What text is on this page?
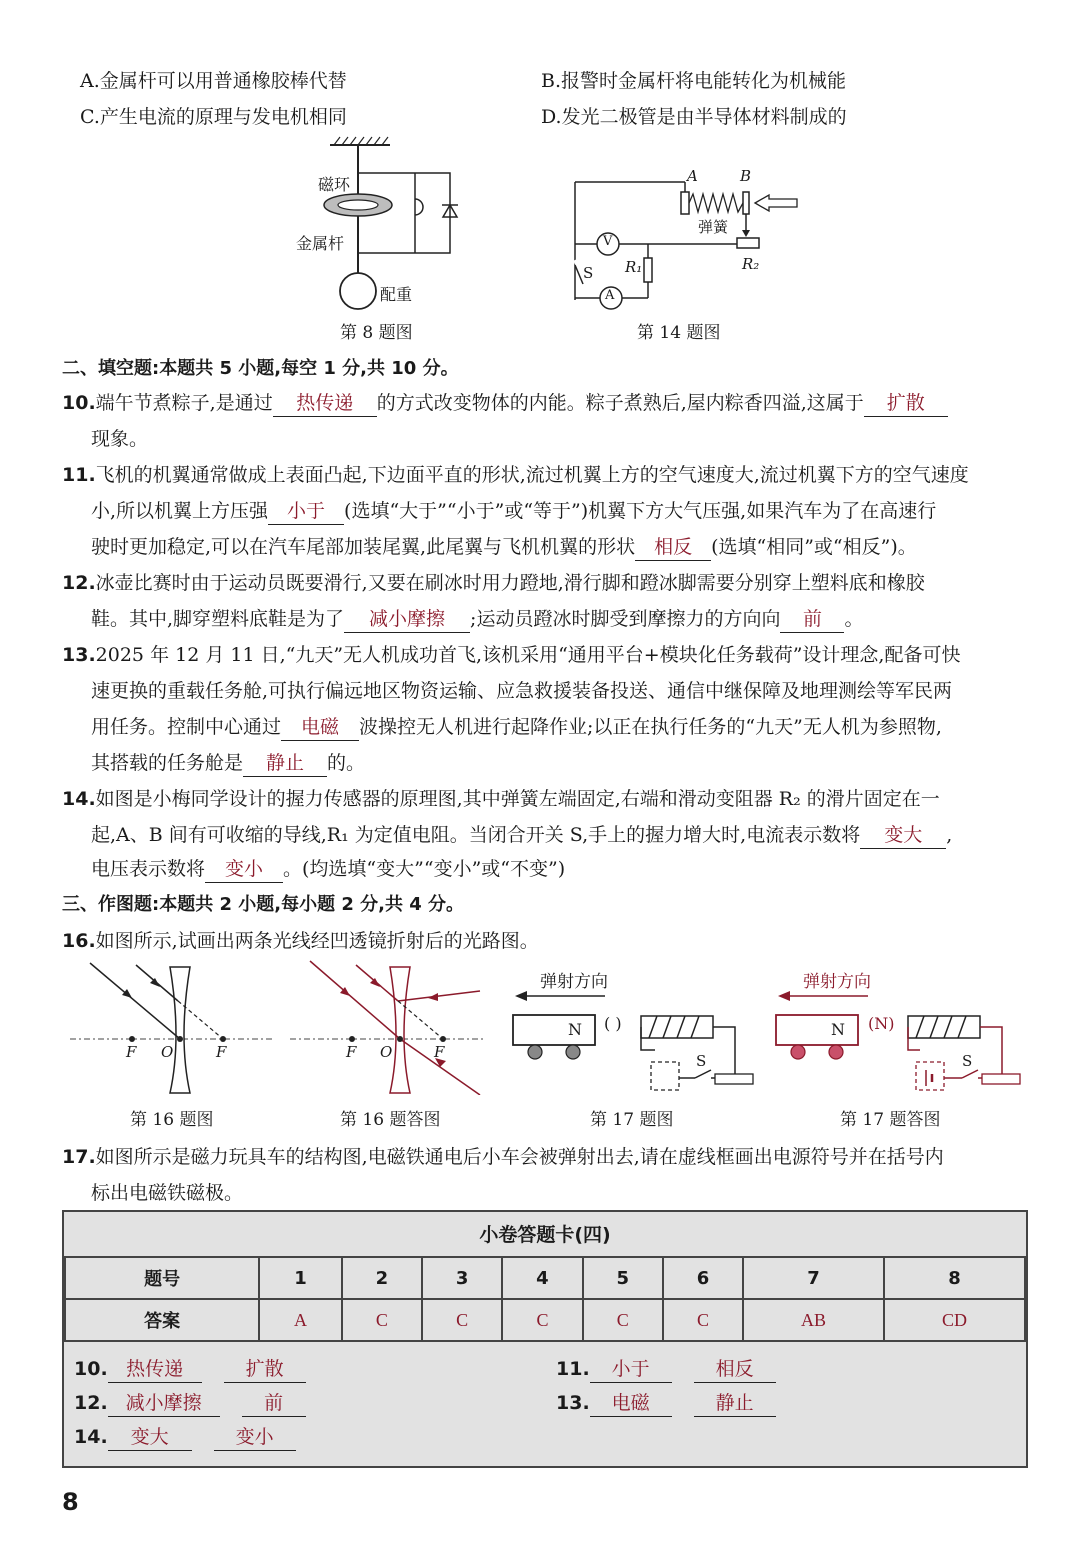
A.金属杆可以用普通橡胶棒代替	B.报警时金属杆将电能转化为机械能
C.产生电流的原理与发电机相同	D.发光二极管是由半导体材料制成的
磁环
金属杆
配重
第 8 题图
A	B
弹簧
R₂
R₁
S
V
A
第 14 题图
二、填空题:本题共 5 小题,每空 1 分,共 10 分。
10.端午节煮粽子,是通过 热传递 的方式改变物体的内能。粽子煮熟后,屋内粽香四溢,这属于 扩散
现象。
11.飞机的机翼通常做成上表面凸起,下边面平直的形状,流过机翼上方的空气速度大,流过机翼下方的空气速度
小,所以机翼上方压强 小于 (选填“大于”“小于”或“等于”)机翼下方大气压强,如果汽车为了在高速行
驶时更加稳定,可以在汽车尾部加装尾翼,此尾翼与飞机机翼的形状 相反 (选填“相同”或“相反”)。
12.冰壶比赛时由于运动员既要滑行,又要在刷冰时用力蹬地,滑行脚和蹬冰脚需要分别穿上塑料底和橡胶
鞋。其中,脚穿塑料底鞋是为了 减小摩擦 ;运动员蹬冰时脚受到摩擦力的方向向 前 。
13.2025 年 12 月 11 日,“九天”无人机成功首飞,该机采用“通用平台+模块化任务载荷”设计理念,配备可快
速更换的重载任务舱,可执行偏远地区物资运输、应急救援装备投送、通信中继保障及地理测绘等军民两
用任务。控制中心通过 电磁 波操控无人机进行起降作业;以正在执行任务的“九天”无人机为参照物,
其搭载的任务舱是 静止 的。
14.如图是小梅同学设计的握力传感器的原理图,其中弹簧左端固定,右端和滑动变阻器 R₂ 的滑片固定在一
起,A、B 间有可收缩的导线,R₁ 为定值电阻。当闭合开关 S,手上的握力增大时,电流表示数将 变大 ,
电压表示数将 变小 。(均选填“变大”“变小”或“不变”)
三、作图题:本题共 2 小题,每小题 2 分,共 4 分。
16.如图所示,试画出两条光线经凹透镜折射后的光路图。
F O	F
第 16 题图
F O	F
第 16 题答图
弹射方向
N ( )
S
第 17 题图
弹射方向
N (N)
S
第 17 题答图
17.如图所示是磁力玩具车的结构图,电磁铁通电后小车会被弹射出去,请在虚线框画出电源符号并在括号内
标出电磁铁磁极。
小卷答题卡(四)
题号	1	2	3	4	5	6	7	8
答案	A	C	C	C	C	C	AB	CD
10. 热传递	扩散	11. 小于	相反
12. 减小摩擦	前	13. 电磁	静止
14. 变大	变小
8
